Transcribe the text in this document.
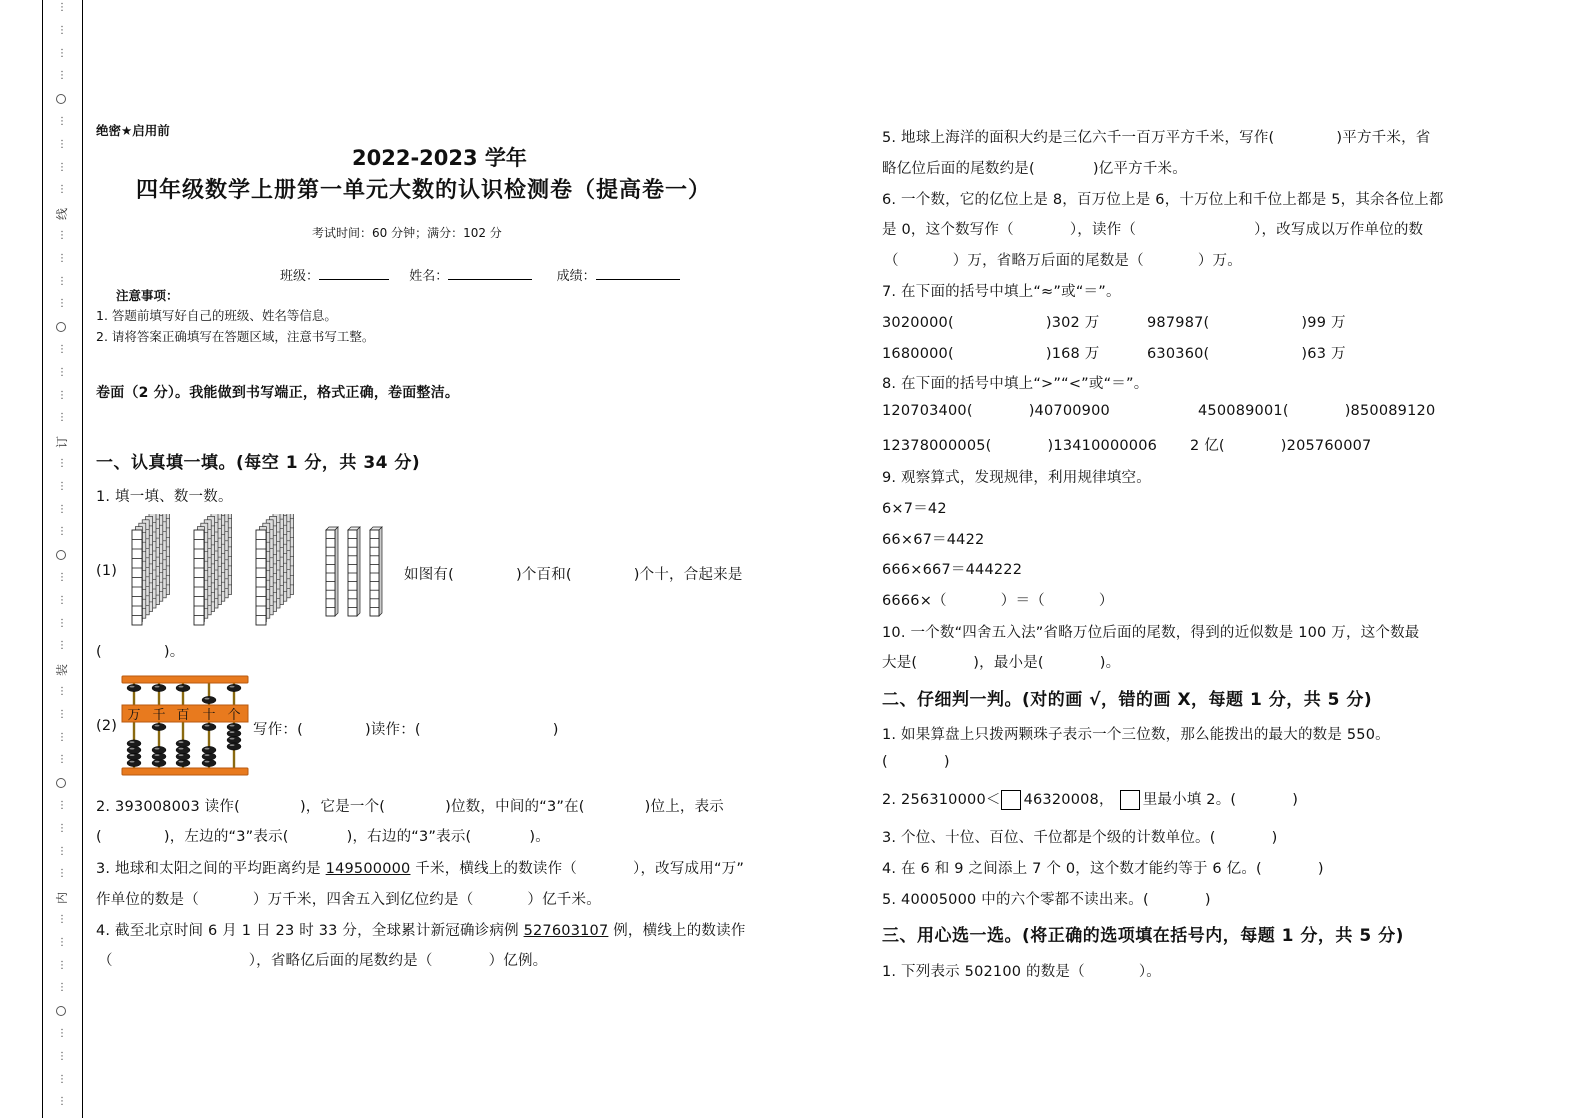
⋮
⋮
⋮
⋮
⋮
⋮
⋮
⋮
线
⋮
⋮
⋮
⋮
⋮
⋮
⋮
⋮
订
⋮
⋮
⋮
⋮
⋮
⋮
⋮
⋮
装
⋮
⋮
⋮
⋮
⋮
⋮
⋮
⋮
内
⋮
⋮
⋮
⋮
⋮
⋮
⋮
⋮
绝密★启用前
2022-2023 学年
四年级数学上册第一单元大数的认识检测卷（提高卷一）
考试时间：60 分钟；满分：102 分
班级：	姓名：	成绩：
注意事项：
1. 答题前填写好自己的班级、姓名等信息。
2. 请将答案正确填写在答题区域，注意书写工整。
卷面（2 分）。我能做到书写端正，格式正确，卷面整洁。
一、认真填一填。(每空 1 分，共 34 分)
1. 填一填、数一数。
(1)	如图有(	)个百和(	)个十，合起来是
(	)。
(2)
万 千 百 十 个
写作：(	)读作：(	)
2. 393008003 读作(	)，它是一个(	)位数，中间的“3”在(	)位上，表示
(	)，左边的“3”表示(	)，右边的“3”表示(	)。
3. 地球和太阳之间的平均距离约是 149500000 千米，横线上的数读作（	），改写成用“万”
作单位的数是（	）万千米，四舍五入到亿位约是（	）亿千米。
4. 截至北京时间 6 月 1 日 23 时 33 分，全球累计新冠确诊病例 527603107 例，横线上的数读作
（	），省略亿后面的尾数约是（	）亿例。
5. 地球上海洋的面积大约是三亿六千一百万平方千米，写作(	)平方千米，省
略亿位后面的尾数约是(	)亿平方千米。
6. 一个数，它的亿位上是 8，百万位上是 6，十万位上和千位上都是 5，其余各位上都
是 0，这个数写作（	），读作（	），改写成以万作单位的数
（	）万，省略万后面的尾数是（	）万。
7. 在下面的括号中填上“≈”或“＝”。
3020000(	)302 万	987987(	)99 万
1680000(	)168 万	630360(	)63 万
8. 在下面的括号中填上“>”“<”或“＝”。
120703400(	)40700900	450089001(	)850089120
12378000005(	)13410000006 2 亿(	)205760007
9. 观察算式，发现规律，利用规律填空。
6×7＝42
66×67＝4422
666×667＝444222
6666×（	）＝（	）
10. 一个数“四舍五入法”省略万位后面的尾数，得到的近似数是 100 万，这个数最
大是(	)，最小是(	)。
二、仔细判一判。(对的画 √，错的画 X，每题 1 分，共 5 分)
1. 如果算盘上只拨两颗珠子表示一个三位数，那么能拨出的最大的数是 550。
(	)
2. 256310000＜ 46320008， 里最小填 2。(	)
3. 个位、十位、百位、千位都是个级的计数单位。(	)
4. 在 6 和 9 之间添上 7 个 0，这个数才能约等于 6 亿。(	)
5. 40005000 中的六个零都不读出来。(	)
三、用心选一选。(将正确的选项填在括号内，每题 1 分，共 5 分)
1. 下列表示 502100 的数是（	）。
